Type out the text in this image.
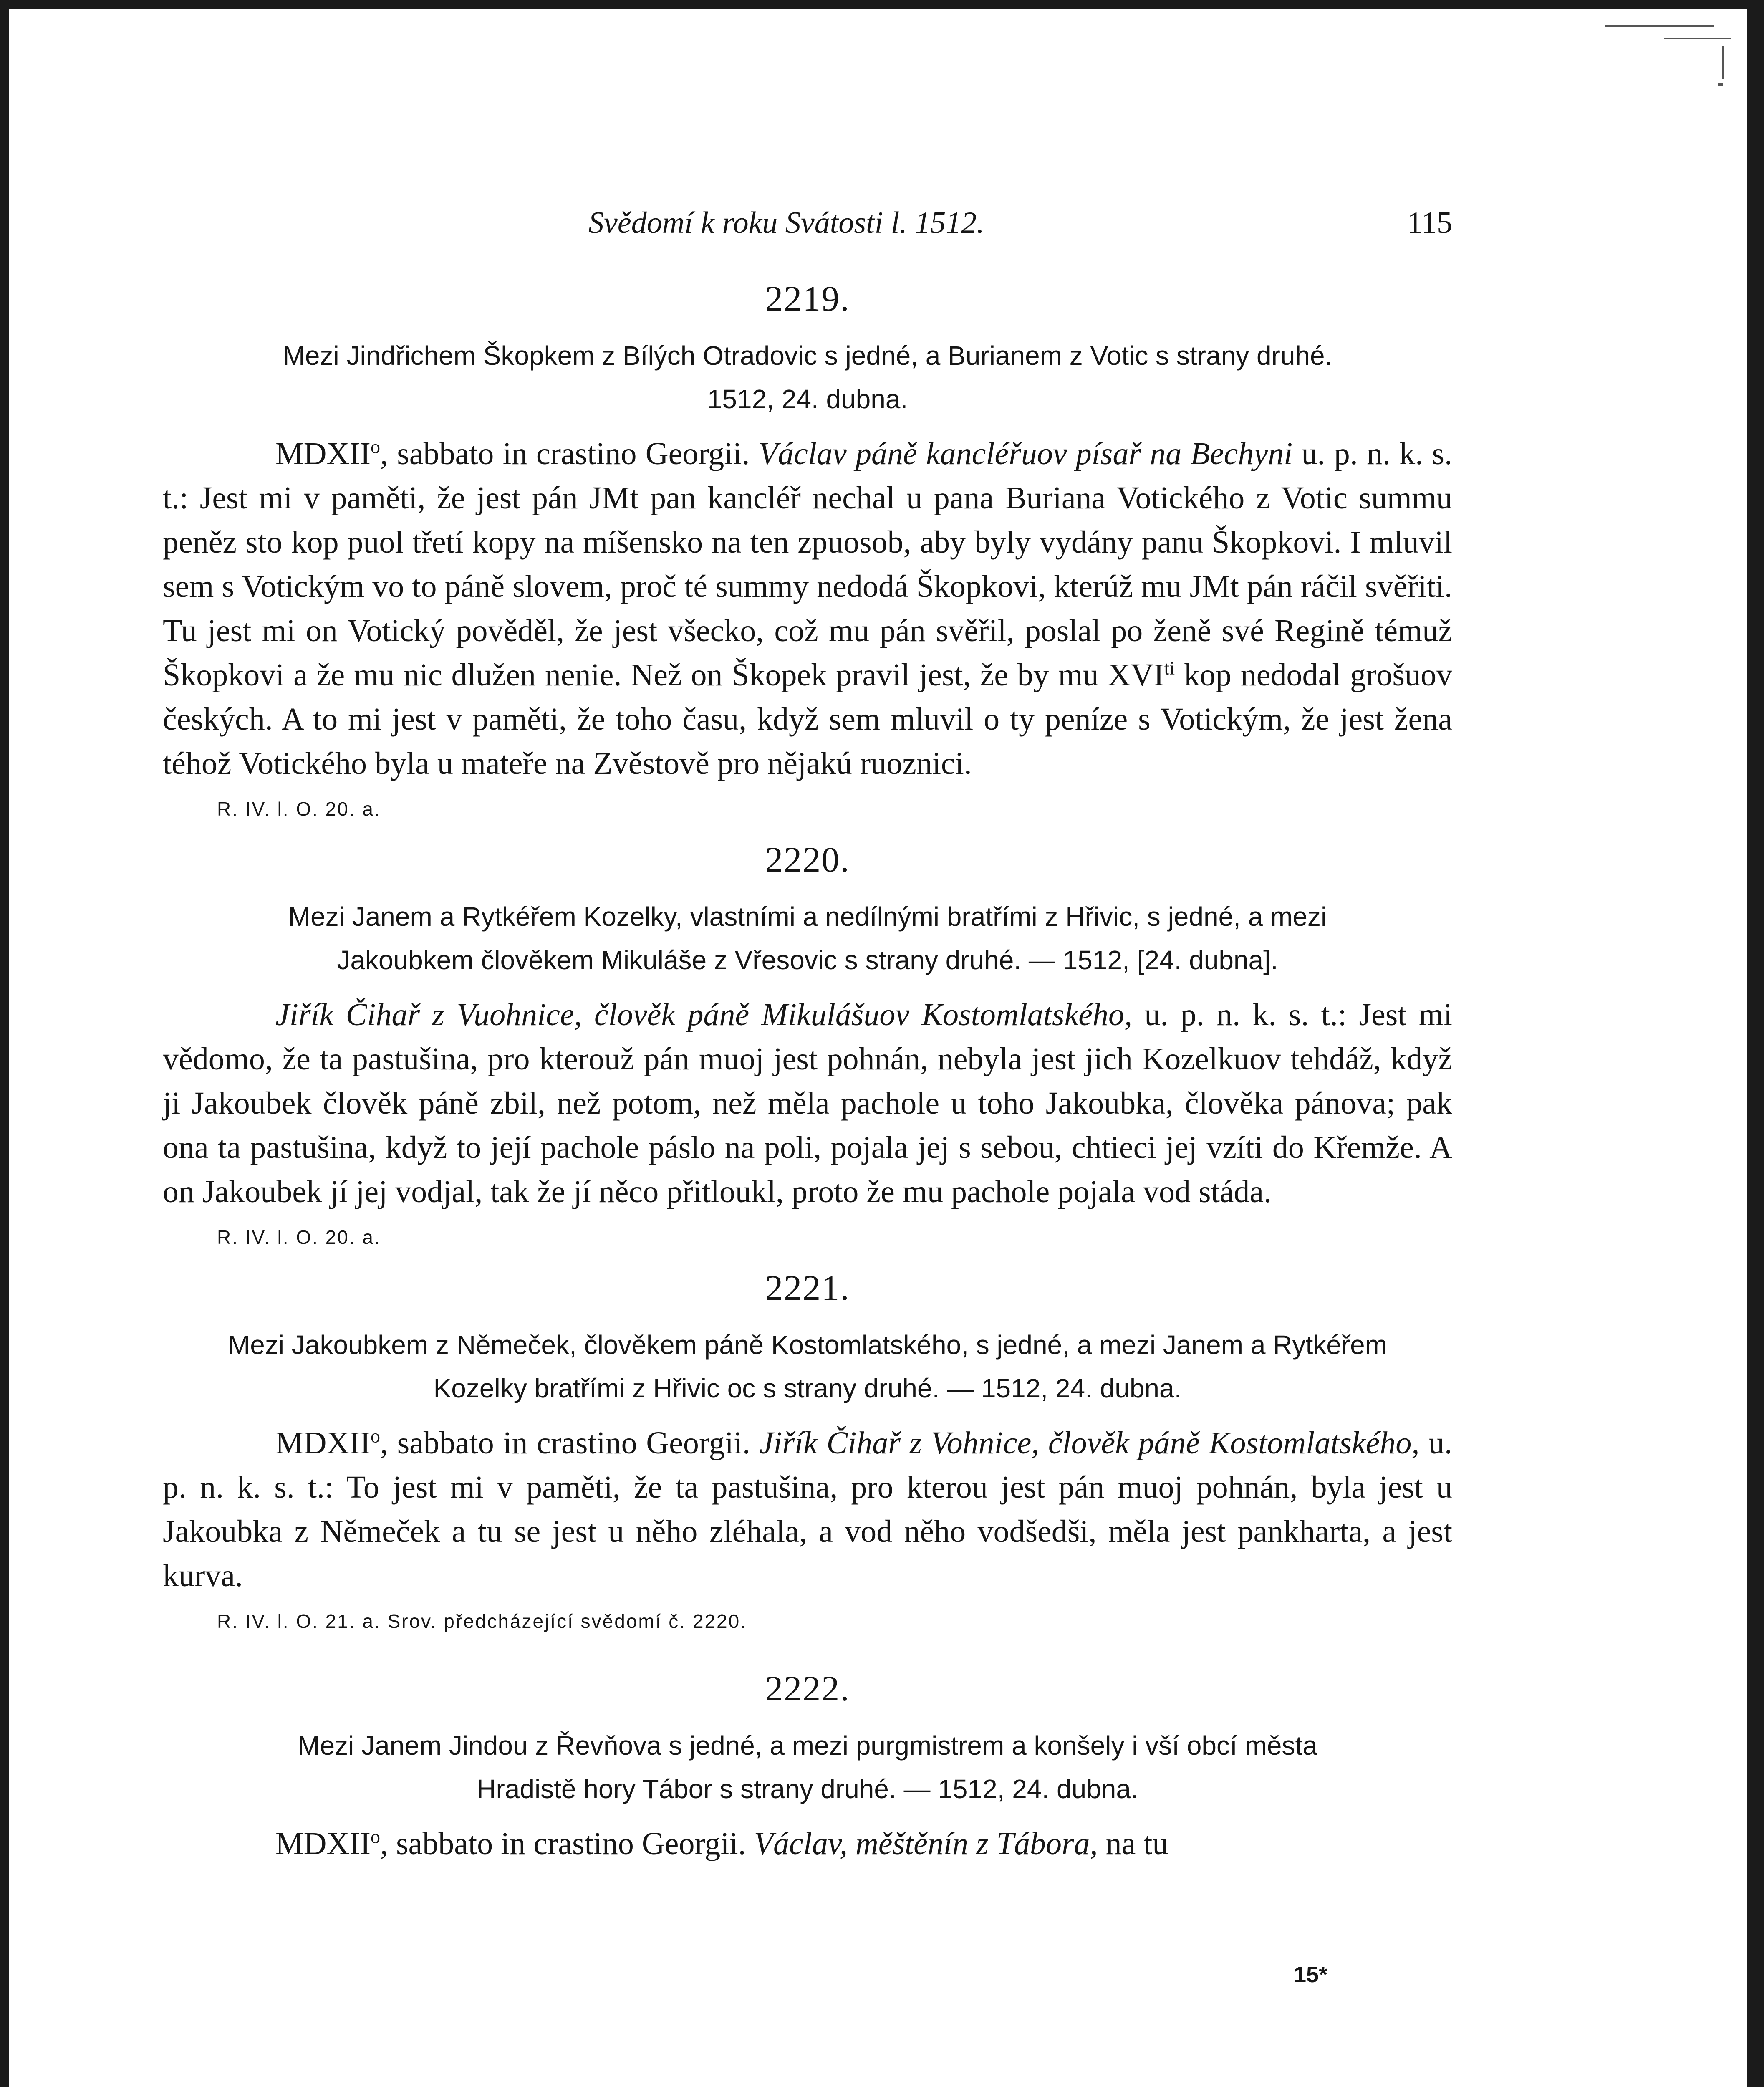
Svědomí k roku Svátosti l. 1512.	115
2219.
Mezi Jindřichem Škopkem z Bílých Otradovic s jedné, a Burianem z Votic s strany druhé.
1512, 24. dubna.

MDXII$^o$, sabbato in crastino Georgii. Václav páně kancléřuov písař na Bechyni u. p. n. k. s. t.: Jest mi v paměti, že jest pán JMt pan kancléř nechal u pana Buriana Votického z Votic summu peněz sto kop puol třetí kopy na míšensko na ten zpuosob, aby byly vydány panu Škopkovi. I mluvil sem s Votickým vo to páně slovem, proč té summy nedodá Škopkovi, kterúž mu JMt pán ráčil svěřiti. Tu jest mi on Votický pověděl, že jest všecko, což mu pán svěřil, poslal po ženě své Regině témuž Škopkovi a že mu nic dlužen nenie. Než on Škopek pravil jest, že by mu $XVI^{ti}$ kop nedodal grošuov českých. A to mi jest v paměti, že toho času, když sem mluvil o ty peníze s Votickým, že jest žena téhož Votického byla u mateře na Zvěstově pro nějakú ruoznici.

R. IV. l. O. 20. a.
2220.
Mezi Janem a Rytkéřem Kozelky, vlastními a nedílnými bratřími z Hřivic, s jedné, a mezi
Jakoubkem člověkem Mikuláše z Vřesovic s strany druhé. — 1512, [24. dubna].

Jiřík Čihař z Vuohnice, člověk páně Mikulášuov Kostomlatského, u. p. n. k. s. t.: Jest mi vědomo, že ta pastušina, pro kterouž pán muoj jest pohnán, nebyla jest jich Kozelkuov tehdáž, když ji Jakoubek člověk páně zbil, než potom, než měla pachole u toho Jakoubka, člověka pánova; pak ona ta pastušina, když to její pachole páslo na poli, pojala jej s sebou, chtieci jej vzíti do Křemže. A on Jakoubek jí jej vodjal, tak že jí něco přitloukl, proto že mu pachole pojala vod stáda.

R. IV. l. O. 20. a.
2221.
Mezi Jakoubkem z Němeček, člověkem páně Kostomlatského, s jedné, a mezi Janem a Rytkéřem
Kozelky bratřími z Hřivic oc s strany druhé. — 1512, 24. dubna.

MDXII$^o$, sabbato in crastino Georgii. Jiřík Čihař z Vohnice, člověk páně Kostomlatského, u. p. n. k. s. t.: To jest mi v paměti, že ta pastušina, pro kterou jest pán muoj pohnán, byla jest u Jakoubka z Němeček a tu se jest u něho zléhala, a vod něho vodšedši, měla jest pankharta, a jest kurva.

R. IV. l. O. 21. a. Srov. předcházející svědomí č. 2220.
2222.
Mezi Janem Jindou z Řevňova s jedné, a mezi purgmistrem a konšely i vší obcí města
Hradistě hory Tábor s strany druhé. — 1512, 24. dubna.

MDXII$^o$, sabbato in crastino Georgii. Václav, měštěnín z Tábora, na tu

15*
